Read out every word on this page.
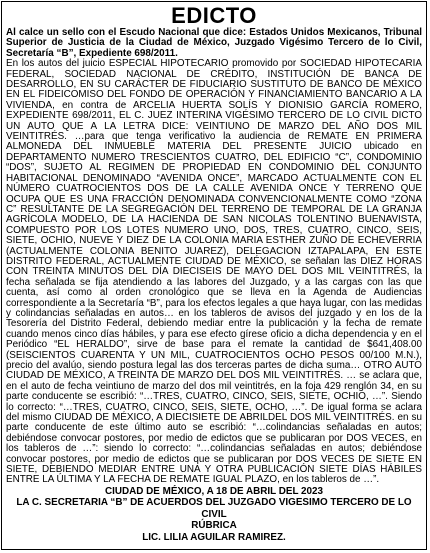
EDICTO

Al calce un sello con el Escudo Nacional que dice: Estados Unidos Mexicanos, Tribunal Superior de Justicia de la Ciudad de México, Juzgado Vigésimo Tercero de lo Civil, Secretaría “B”, Expediente 698/2011.

En los autos del juicio ESPECIAL HIPOTECARIO promovido por SOCIEDAD HIPOTECARIA FEDERAL, SOCIEDAD NACIONAL DE CRÉDITO, INSTITUCIÓN DE BANCA DE DESARROLLO, EN SU CARÁCTER DE FIDUCIARIO SUSTITUTO DE BANCO DE MÉXICO EN EL FIDEICOMISO DEL FONDO DE OPERACIÓN Y FINANCIAMIENTO BANCARIO A LA VIVIENDA, en contra de ARCELIA HUERTA SOLÍS Y DIONISIO GARCÍA ROMERO, EXPEDIENTE 698/2011, EL C. JUEZ INTERINA VIGÉSIMO TERCERO DE LO CIVIL DICTO UN AUTO QUE A LA LETRA DICE: VEINTIUNO DE MARZO DEL AÑO DOS MIL VEINTITRÉS. …para que tenga verificativo la audiencia de REMATE EN PRIMERA ALMONEDA DEL INMUEBLE MATERIA DEL PRESENTE JUICIO ubicado en DEPARTAMENTO NUMERO TRESCIENTOS CUATRO, DEL EDIFICIO “C”, CONDOMINIO “DOS”, SUJETO AL REGIMEN DE PROPIEDAD EN CONDOMINIO DEL CONJUNTO HABITACIONAL DENOMINADO “AVENIDA ONCE”, MARCADO ACTUALMENTE CON EL NÚMERO CUATROCIENTOS DOS DE LA CALLE AVENIDA ONCE Y TERRENO QUE OCUPA QUE ES UNA FRACCIÓN DENOMINADA CONVENCIONALMENTE COMO “ZONA C” RESULTANTE DE LA SEGREGACIÓN DEL TERRENO DE TEMPORAL DE LA GRANJA AGRÍCOLA MODELO, DE LA HACIENDA DE SAN NICOLAS TOLENTINO BUENAVISTA, COMPUESTO POR LOS LOTES NUMERO UNO, DOS, TRES, CUATRO, CINCO, SEIS, SIETE, OCHIO, NUEVE Y DIEZ DE LA COLONIA MARIA ESTHER ZUÑO DE ECHEVERRIA (ACTUALMENTE COLONIA BENITO JUAREZ), DELEGACION IZTAPALAPA, EN ESTE DISTRITO FEDERAL, ACTUALMENTE CIUDAD DE MÉXICO, se señalan las DIEZ HORAS CON TREINTA MINUTOS DEL DÍA DIECISEIS DE MAYO DEL DOS MIL VEINTITRÉS, la fecha señalada se fija atendiendo a las labores del Juzgado, y a las cargas con las que cuenta, así como al orden cronológico que se lleva en la Agenda de Audiencias correspondiente a la Secretaría “B”, para los efectos legales a que haya lugar, con las medidas y colindancias señaladas en autos… en los tableros de avisos del juzgado y en los de la Tesorería del Distrito Federal, debiendo mediar entre la publicación y la fecha de remate cuando menos cinco días hábiles, y para ese efecto gírese oficio a dicha dependencia y en el Periódico “EL HERALDO”, sirve de base para el remate la cantidad de $641,408.00 (SEISCIENTOS CUARENTA Y UN MIL, CUATROCIENTOS OCHO PESOS 00/100 M.N.), precio del avalúo, siendo postura legal las dos terceras partes de dicha suma… OTRO AUTO CIUDAD DE MÉXICO, A TREINTA DE MARZO DEL DOS MIL VEINTITRÉS. … se aclara que, en el auto de fecha veintiuno de marzo del dos mil veintitrés, en la foja 429 renglón 34, en su parte conducente se escribió: “…TRES, CUATRO, CINCO, SEIS, SIETE, OCHIO, …”. Siendo lo correcto: “…TRES, CUATRO, CINCO, SEIS, SIETE, OCHO, …”. De igual forma se aclara del mismo CIUDAD DE MÉXICO, A DIECISIETE DE ABRILDEL DOS MIL VEINTITRÉS. en su parte conducente de este último auto se escribió: “…colindancias señaladas en autos; debiéndose convocar postores, por medio de edictos que se publicaran por DOS VECES, en los tableros de …”: siendo lo correcto: “…colindancias señaladas en autos; debiéndose convocar postores, por medio de edictos que se publicaran por DOS VECES DE SIETE EN SIETE, DEBIENDO MEDIAR ENTRE UNA Y OTRA PUBLICACIÓN SIETE DÍAS HÁBILES ENTRE LA ÚLTIMA Y LA FECHA DE REMATE IGUAL PLAZO, en los tableros de …”.

CIUDAD DE MÉXICO, A 18 DE ABRIL DEL 2023

LA C. SECRETARIA “B” DE ACUERDOS DEL JUZGADO VIGESIMO TERCERO DE LO CIVIL

RÚBRICA

LIC. LILIA AGUILAR RAMIREZ.
